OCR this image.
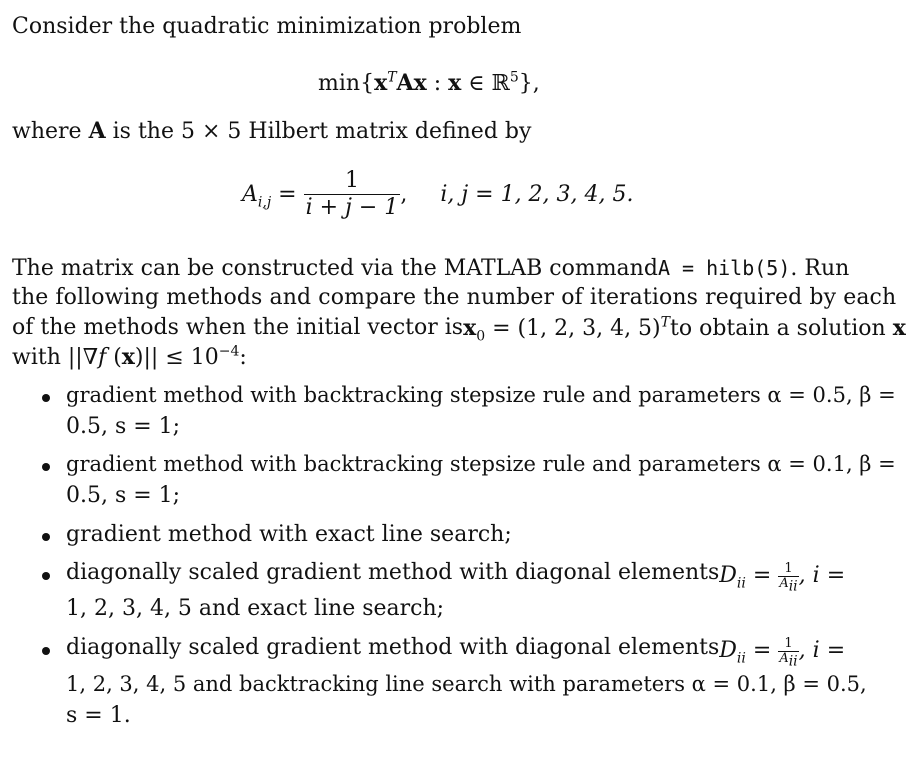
Consider the quadratic minimization problem
$\min\{x^TAx$ : x ∈ ℝ$^5$},
where A is the 5 × 5 Hilbert matrix defined by
$A_{i,j} = \frac{1}{i + j - 1}$ , i, j = 1, 2, 3, 4, 5.
The matrix can be constructed via the MATLAB command A = hilb(5). Run
the following methods and compare the number of iterations required by each
of the methods when the initial vector is $x_0 = (1$, 2, 3, 4, 5)$^T$ to obtain a solution x
with ||∇f $(x)|| \le 10^{-4}$:
gradient method with backtracking stepsize rule and parameters α = 0.5, β =
0.5, s = 1;
gradient method with backtracking stepsize rule and parameters α = 0.1, β =
0.5, s = 1;
gradient method with exact line search;
diagonally scaled gradient method with diagonal elements $D_{ii} = \frac{1}{A_{ii}}$ , i =
1, 2, 3, 4, 5 and exact line search;
diagonally scaled gradient method with diagonal elements $D_{ii} = \frac{1}{A_{ii}}$ , i =
1, 2, 3, 4, 5 and backtracking line search with parameters α = 0.1, β = 0.5,
s = 1.
